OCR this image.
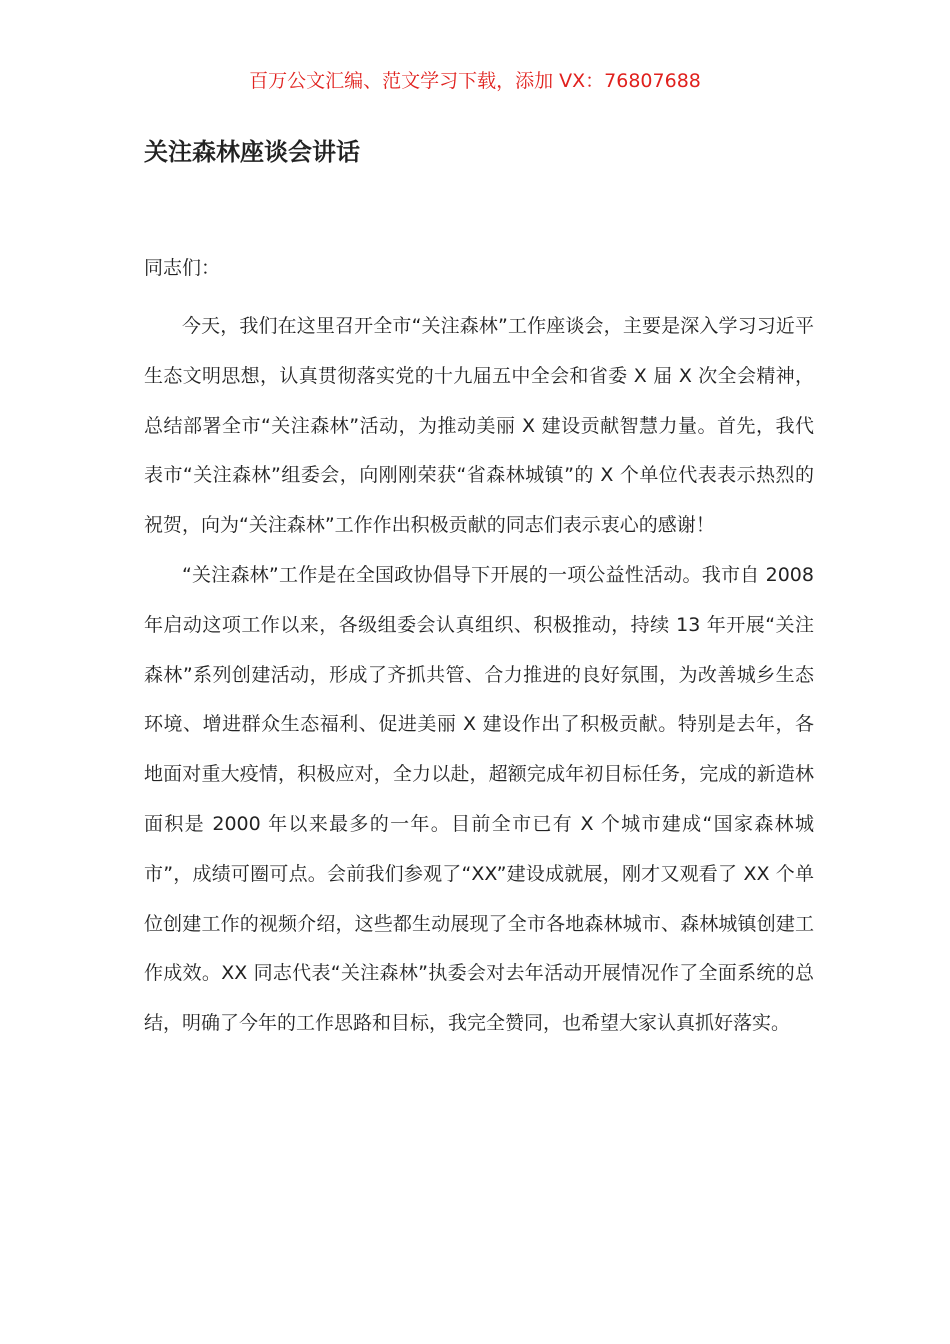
百万公文汇编、范文学习下载，添加 VX：76807688
关注森林座谈会讲话
同志们：

今天，我们在这里召开全市“关注森林”工作座谈会，主要是深入学习习近平生态文明思想，认真贯彻落实党的十九届五中全会和省委 X 届 X 次全会精神，总结部署全市“关注森林”活动，为推动美丽 X 建设贡献智慧力量。首先，我代表市“关注森林”组委会，向刚刚荣获“省森林城镇”的 X 个单位代表表示热烈的祝贺，向为“关注森林”工作作出积极贡献的同志们表示衷心的感谢！

“关注森林”工作是在全国政协倡导下开展的一项公益性活动。我市自 2008 年启动这项工作以来，各级组委会认真组织、积极推动，持续 13 年开展“关注森林”系列创建活动，形成了齐抓共管、合力推进的良好氛围，为改善城乡生态环境、增进群众生态福利、促进美丽 X 建设作出了积极贡献。特别是去年，各地面对重大疫情，积极应对，全力以赴，超额完成年初目标任务，完成的新造林面积是 2000 年以来最多的一年。目前全市已有 X 个城市建成“国家森林城市”，成绩可圈可点。会前我们参观了“XX”建设成就展，刚才又观看了 XX 个单位创建工作的视频介绍，这些都生动展现了全市各地森林城市、森林城镇创建工作成效。XX 同志代表“关注森林”执委会对去年活动开展情况作了全面系统的总结，明确了今年的工作思路和目标，我完全赞同，也希望大家认真抓好落实。
